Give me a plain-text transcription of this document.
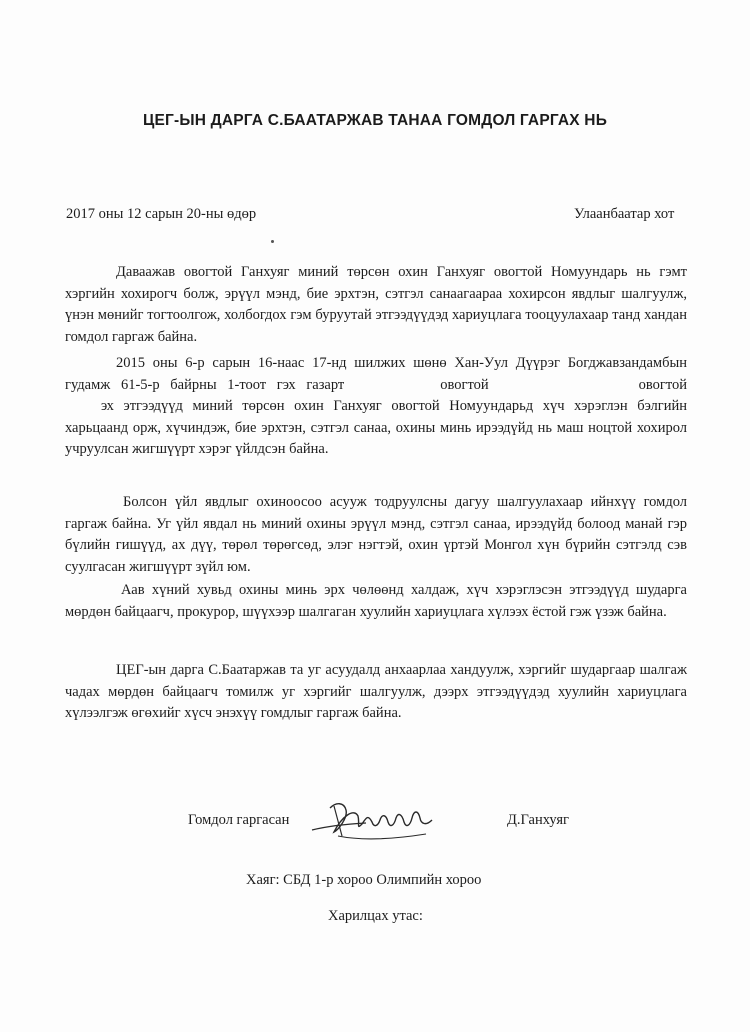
ЦЕГ-ЫН ДАРГА С.БААТАРЖАВ ТАНАА ГОМДОЛ ГАРГАХ НЬ
2017 оны 12 сарын 20-ны өдөр	Улаанбаатар хот

Даваажав овогтой Ганхуяг миний төрсөн охин Ганхуяг овогтой Номуундарь нь гэмт хэргийн хохирогч болж, эрүүл мэнд, бие эрхтэн, сэтгэл санаагаараа хохирсон явдлыг шалгуулж, үнэн мөнийг тогтоолгож, холбогдох гэм буруутай этгээдүүдэд хариуцлага тооцуулахаар танд хандан гомдол гаргаж байна.

2015 оны 6-р сарын 16-наас 17-нд шилжих шөнө Хан-Уул Дүүрэг Богджавзандамбын гудамж 61-5-р байрны 1-тоот гэх газарт	овогтой	овогтойэх этгээдүүд миний төрсөн охин Ганхуяг овогтой Номуундарьд хүч хэрэглэн бэлгийн харьцаанд орж, хүчиндэж, бие эрхтэн, сэтгэл санаа, охины минь ирээдүйд нь маш ноцтой хохирол учруулсан жигшүүрт хэрэг үйлдсэн байна.

Болсон үйл явдлыг охиноосоо асууж тодруулсны дагуу шалгуулахаар ийнхүү гомдол гаргаж байна. Уг үйл явдал нь миний охины эрүүл мэнд, сэтгэл санаа, ирээдүйд болоод манай гэр бүлийн гишүүд, ах дүү, төрөл төрөгсөд, элэг нэгтэй, охин үртэй Монгол хүн бүрийн сэтгэлд сэв суулгасан жигшүүрт зүйл юм.

Аав хүний хувьд охины минь эрх чөлөөнд халдаж, хүч хэрэглэсэн этгээдүүд шударга мөрдөн байцаагч, прокурор, шүүхээр шалгаган хуулийн хариуцлага хүлээх ёстой гэж үзэж байна.

ЦЕГ-ын дарга С.Баатаржав та уг асуудалд анхаарлаа хандуулж, хэргийг шударгаар шалгаж чадах мөрдөн байцаагч томилж уг хэргийг шалгуулж, дээрх этгээдүүдэд хуулийн хариуцлага хүлээлгэж өгөхийг хүсч энэхүү гомдлыг гаргаж байна.

Гомдол гаргасан	Д.Ганхуяг
Хаяг: СБД 1-р хороо Олимпийн хороо
Харилцах утас:
